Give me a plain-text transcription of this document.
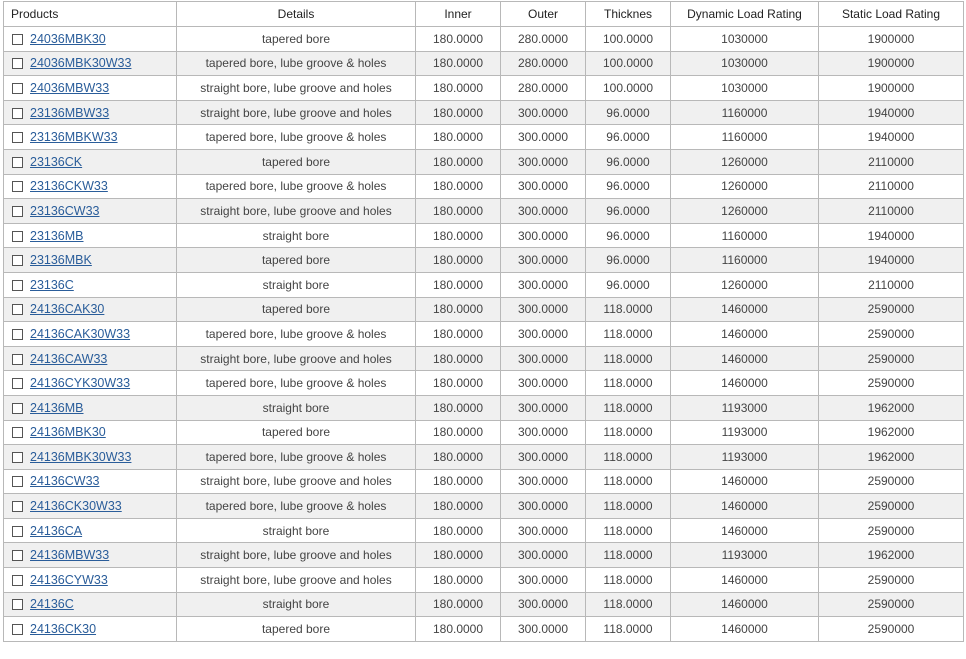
Products	Details	Inner	Outer	Thicknes	Dynamic Load Rating	Static Load Rating
24036MBK30	tapered bore	180.0000	280.0000	100.0000	1030000	1900000
24036MBK30W33	tapered bore, lube groove & holes	180.0000	280.0000	100.0000	1030000	1900000
24036MBW33	straight bore, lube groove and holes	180.0000	280.0000	100.0000	1030000	1900000
23136MBW33	straight bore, lube groove and holes	180.0000	300.0000	96.0000	1160000	1940000
23136MBKW33	tapered bore, lube groove & holes	180.0000	300.0000	96.0000	1160000	1940000
23136CK	tapered bore	180.0000	300.0000	96.0000	1260000	2110000
23136CKW33	tapered bore, lube groove & holes	180.0000	300.0000	96.0000	1260000	2110000
23136CW33	straight bore, lube groove and holes	180.0000	300.0000	96.0000	1260000	2110000
23136MB	straight bore	180.0000	300.0000	96.0000	1160000	1940000
23136MBK	tapered bore	180.0000	300.0000	96.0000	1160000	1940000
23136C	straight bore	180.0000	300.0000	96.0000	1260000	2110000
24136CAK30	tapered bore	180.0000	300.0000	118.0000	1460000	2590000
24136CAK30W33	tapered bore, lube groove & holes	180.0000	300.0000	118.0000	1460000	2590000
24136CAW33	straight bore, lube groove and holes	180.0000	300.0000	118.0000	1460000	2590000
24136CYK30W33	tapered bore, lube groove & holes	180.0000	300.0000	118.0000	1460000	2590000
24136MB	straight bore	180.0000	300.0000	118.0000	1193000	1962000
24136MBK30	tapered bore	180.0000	300.0000	118.0000	1193000	1962000
24136MBK30W33	tapered bore, lube groove & holes	180.0000	300.0000	118.0000	1193000	1962000
24136CW33	straight bore, lube groove and holes	180.0000	300.0000	118.0000	1460000	2590000
24136CK30W33	tapered bore, lube groove & holes	180.0000	300.0000	118.0000	1460000	2590000
24136CA	straight bore	180.0000	300.0000	118.0000	1460000	2590000
24136MBW33	straight bore, lube groove and holes	180.0000	300.0000	118.0000	1193000	1962000
24136CYW33	straight bore, lube groove and holes	180.0000	300.0000	118.0000	1460000	2590000
24136C	straight bore	180.0000	300.0000	118.0000	1460000	2590000
24136CK30	tapered bore	180.0000	300.0000	118.0000	1460000	2590000
